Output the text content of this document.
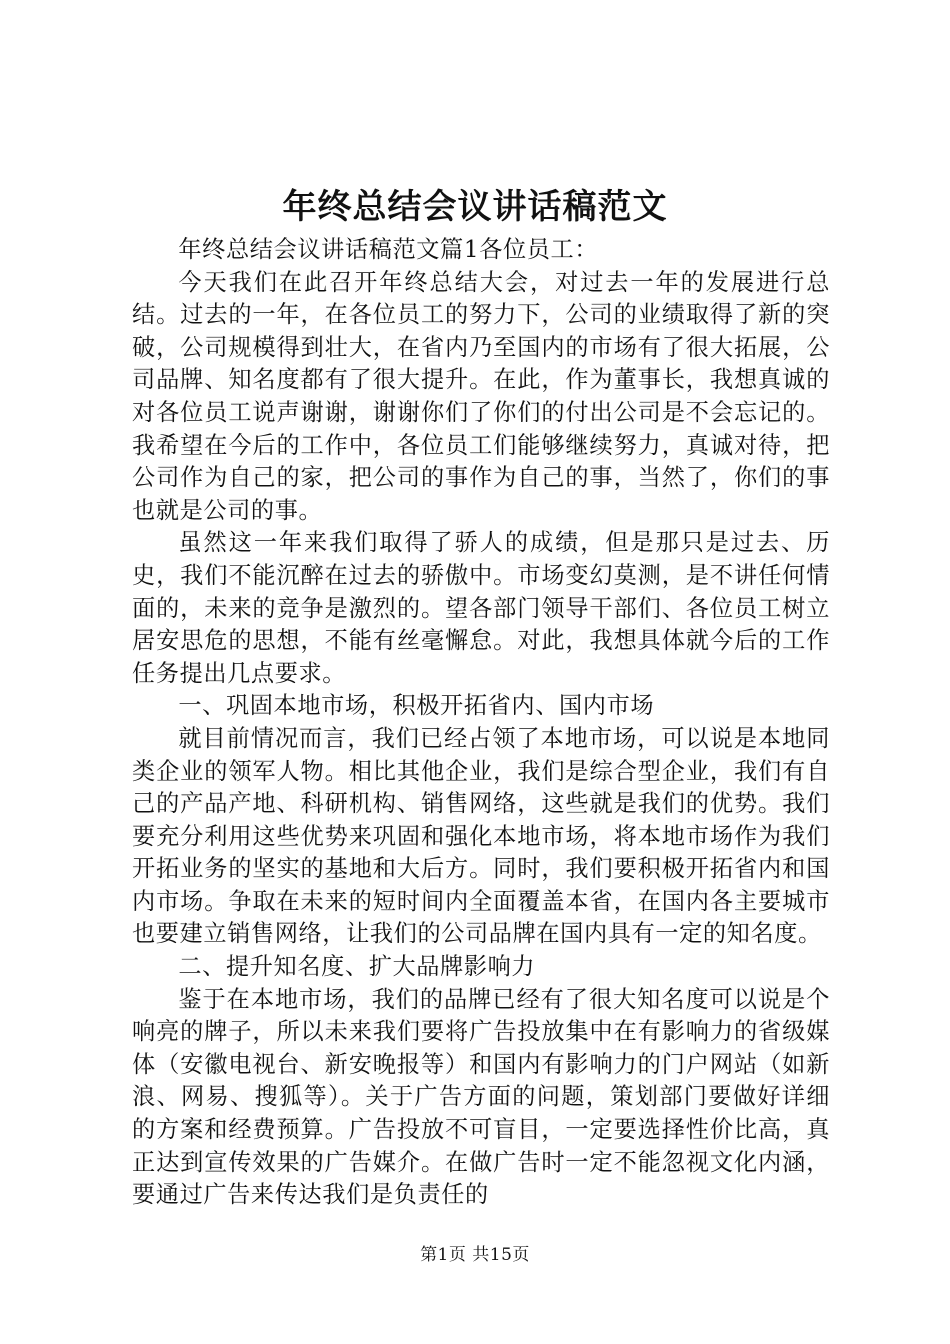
年终总结会议讲话稿范文

年终总结会议讲话稿范文篇1各位员工：

今天我们在此召开年终总结大会，对过去一年的发展进行总结。过去的一年，在各位员工的努力下，公司的业绩取得了新的突破，公司规模得到壮大，在省内乃至国内的市场有了很大拓展，公司品牌、知名度都有了很大提升。在此，作为董事长，我想真诚的对各位员工说声谢谢，谢谢你们了你们的付出公司是不会忘记的。我希望在今后的工作中，各位员工们能够继续努力，真诚对待，把公司作为自己的家，把公司的事作为自己的事，当然了，你们的事也就是公司的事。

虽然这一年来我们取得了骄人的成绩，但是那只是过去、历史，我们不能沉醉在过去的骄傲中。市场变幻莫测，是不讲任何情面的，未来的竞争是激烈的。望各部门领导干部们、各位员工树立居安思危的思想，不能有丝毫懈怠。对此，我想具体就今后的工作任务提出几点要求。

一、巩固本地市场，积极开拓省内、国内市场

就目前情况而言，我们已经占领了本地市场，可以说是本地同类企业的领军人物。相比其他企业，我们是综合型企业，我们有自己的产品产地、科研机构、销售网络，这些就是我们的优势。我们要充分利用这些优势来巩固和强化本地市场，将本地市场作为我们开拓业务的坚实的基地和大后方。同时，我们要积极开拓省内和国内市场。争取在未来的短时间内全面覆盖本省，在国内各主要城市也要建立销售网络，让我们的公司品牌在国内具有一定的知名度。

二、提升知名度、扩大品牌影响力

鉴于在本地市场，我们的品牌已经有了很大知名度可以说是个响亮的牌子，所以未来我们要将广告投放集中在有影响力的省级媒体（安徽电视台、新安晚报等）和国内有影响力的门户网站（如新浪、网易、搜狐等）。关于广告方面的问题，策划部门要做好详细的方案和经费预算。广告投放不可盲目，一定要选择性价比高，真正达到宣传效果的广告媒介。在做广告时一定不能忽视文化内涵，要通过广告来传达我们是负责任的

第1页 共15页
